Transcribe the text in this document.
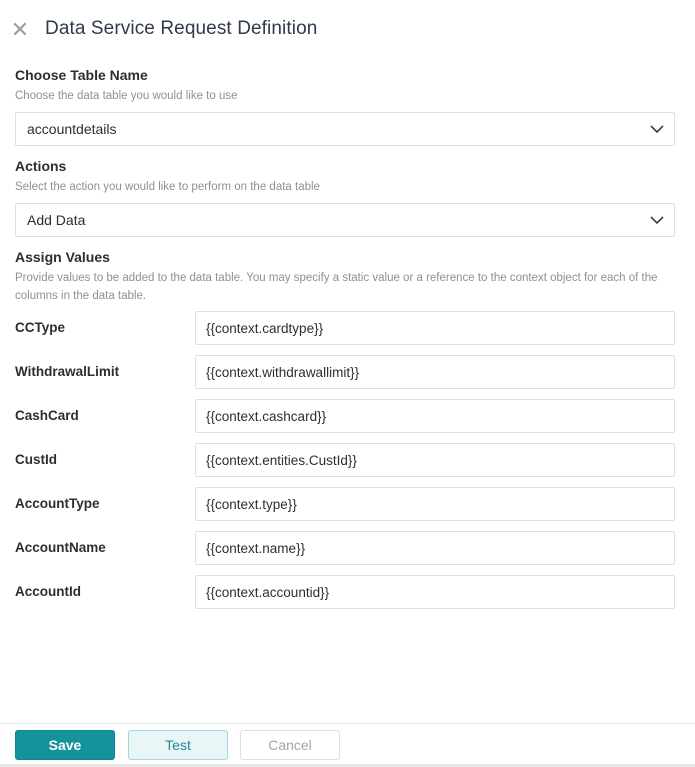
✕ Data Service Request Definition
Choose Table Name
Choose the data table you would like to use
accountdetails
Actions
Select the action you would like to perform on the data table
Add Data
Assign Values
Provide values to be added to the data table. You may specify a static value or a reference to the context object for each of the columns in the data table.
CCType
{{context.cardtype}}
WithdrawalLimit
{{context.withdrawallimit}}
CashCard
{{context.cashcard}}
CustId
{{context.entities.CustId}}
AccountType
{{context.type}}
AccountName
{{context.name}}
AccountId
{{context.accountid}}
Save	Test	Cancel
